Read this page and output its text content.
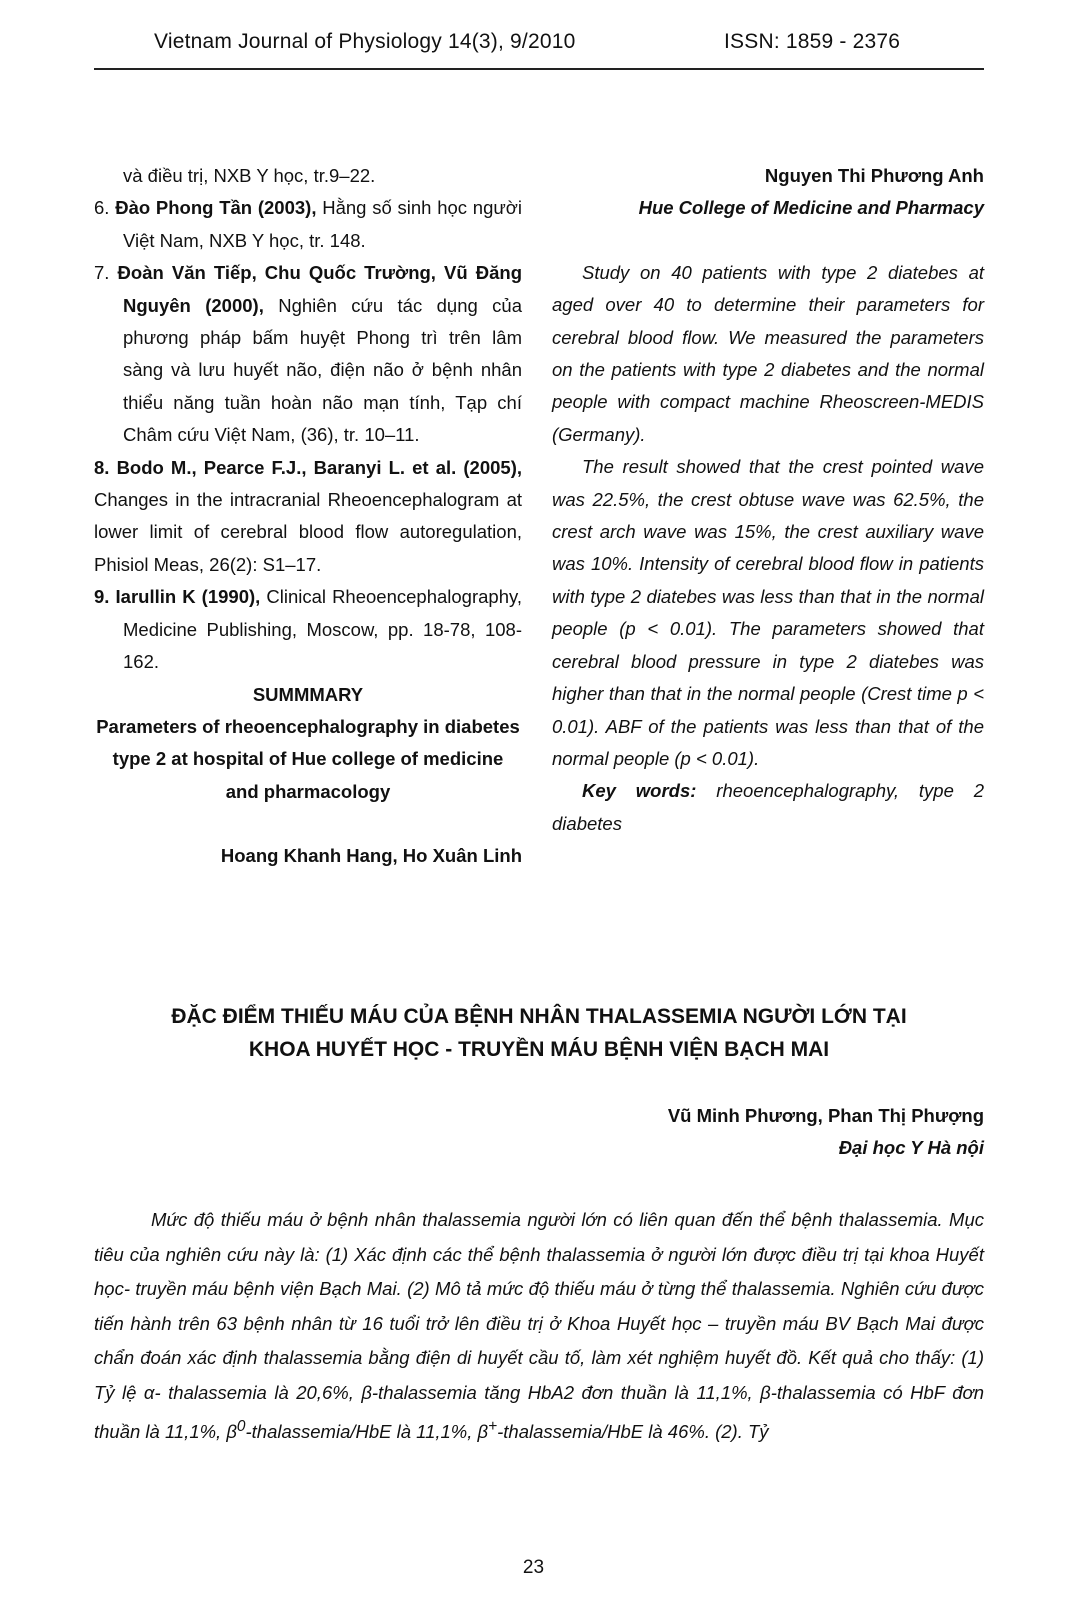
Vietnam Journal of Physiology 14(3), 9/2010	ISSN: 1859 - 2376

và điều trị, NXB Y học, tr.9–22.

6. Đào Phong Tần (2003), Hằng số sinh học người Việt Nam, NXB Y học, tr. 148.

7. Đoàn Văn Tiếp, Chu Quốc Trường, Vũ Đăng Nguyên (2000), Nghiên cứu tác dụng của phương pháp bấm huyệt Phong trì trên lâm sàng và lưu huyết não, điện não ở bệnh nhân thiểu năng tuần hoàn não mạn tính, Tạp chí Châm cứu Việt Nam, (36), tr. 10–11.

8. Bodo M., Pearce F.J., Baranyi L. et al. (2005), Changes in the intracranial Rheoencephalogram at lower limit of cerebral blood flow autoregulation, Phisiol Meas, 26(2): S1–17.

9. Iarullin K (1990), Clinical Rheoencephalography, Medicine Publishing, Moscow, pp. 18-78, 108-162.

SUMMMARY

Parameters of rheoencephalography in diabetes type 2 at hospital of Hue college of medicine and pharmacology

Hoang Khanh Hang, Ho Xuân Linh

Nguyen Thi Phương Anh

Hue College of Medicine and Pharmacy

Study on 40 patients with type 2 diatebes at aged over 40 to determine their parameters for cerebral blood flow. We measured the parameters on the patients with type 2 diabetes and the normal people with compact machine Rheoscreen-MEDIS (Germany).

The result showed that the crest pointed wave was 22.5%, the crest obtuse wave was 62.5%, the crest arch wave was 15%, the crest auxiliary wave was 10%. Intensity of cerebral blood flow in patients with type 2 diatebes was less than that in the normal people (p < 0.01). The parameters showed that cerebral blood pressure in type 2 diatebes was higher than that in the normal people (Crest time p < 0.01). ABF of the patients was less than that of the normal people (p < 0.01).

Key words: rheoencephalography, type 2 diabetes

ĐẶC ĐIỂM THIẾU MÁU CỦA BỆNH NHÂN THALASSEMIA NGƯỜI LỚN TẠI
KHOA HUYẾT HỌC - TRUYỀN MÁU BỆNH VIỆN BẠCH MAI
Vũ Minh Phương, Phan Thị Phượng
Đại học Y Hà nội
Mức độ thiếu máu ở bệnh nhân thalassemia người lớn có liên quan đến thể bệnh thalassemia. Mục tiêu của nghiên cứu này là: (1) Xác định các thể bệnh thalassemia ở người lớn được điều trị tại khoa Huyết học- truyền máu bệnh viện Bạch Mai. (2) Mô tả mức độ thiếu máu ở từng thể thalassemia. Nghiên cứu được tiến hành trên 63 bệnh nhân từ 16 tuổi trở lên điều trị ở Khoa Huyết học – truyền máu BV Bạch Mai được chẩn đoán xác định thalassemia bằng điện di huyết cầu tố, làm xét nghiệm huyết đồ. Kết quả cho thấy: (1) Tỷ lệ α- thalassemia là 20,6%, β-thalassemia tăng HbA2 đơn thuần là 11,1%, β-thalassemia có HbF đơn thuần là 11,1%, $\beta^0-thalassemia$/HbE là 11,1%, β+-thalassemia/HbE là 46%. (2). Tỷ
23
